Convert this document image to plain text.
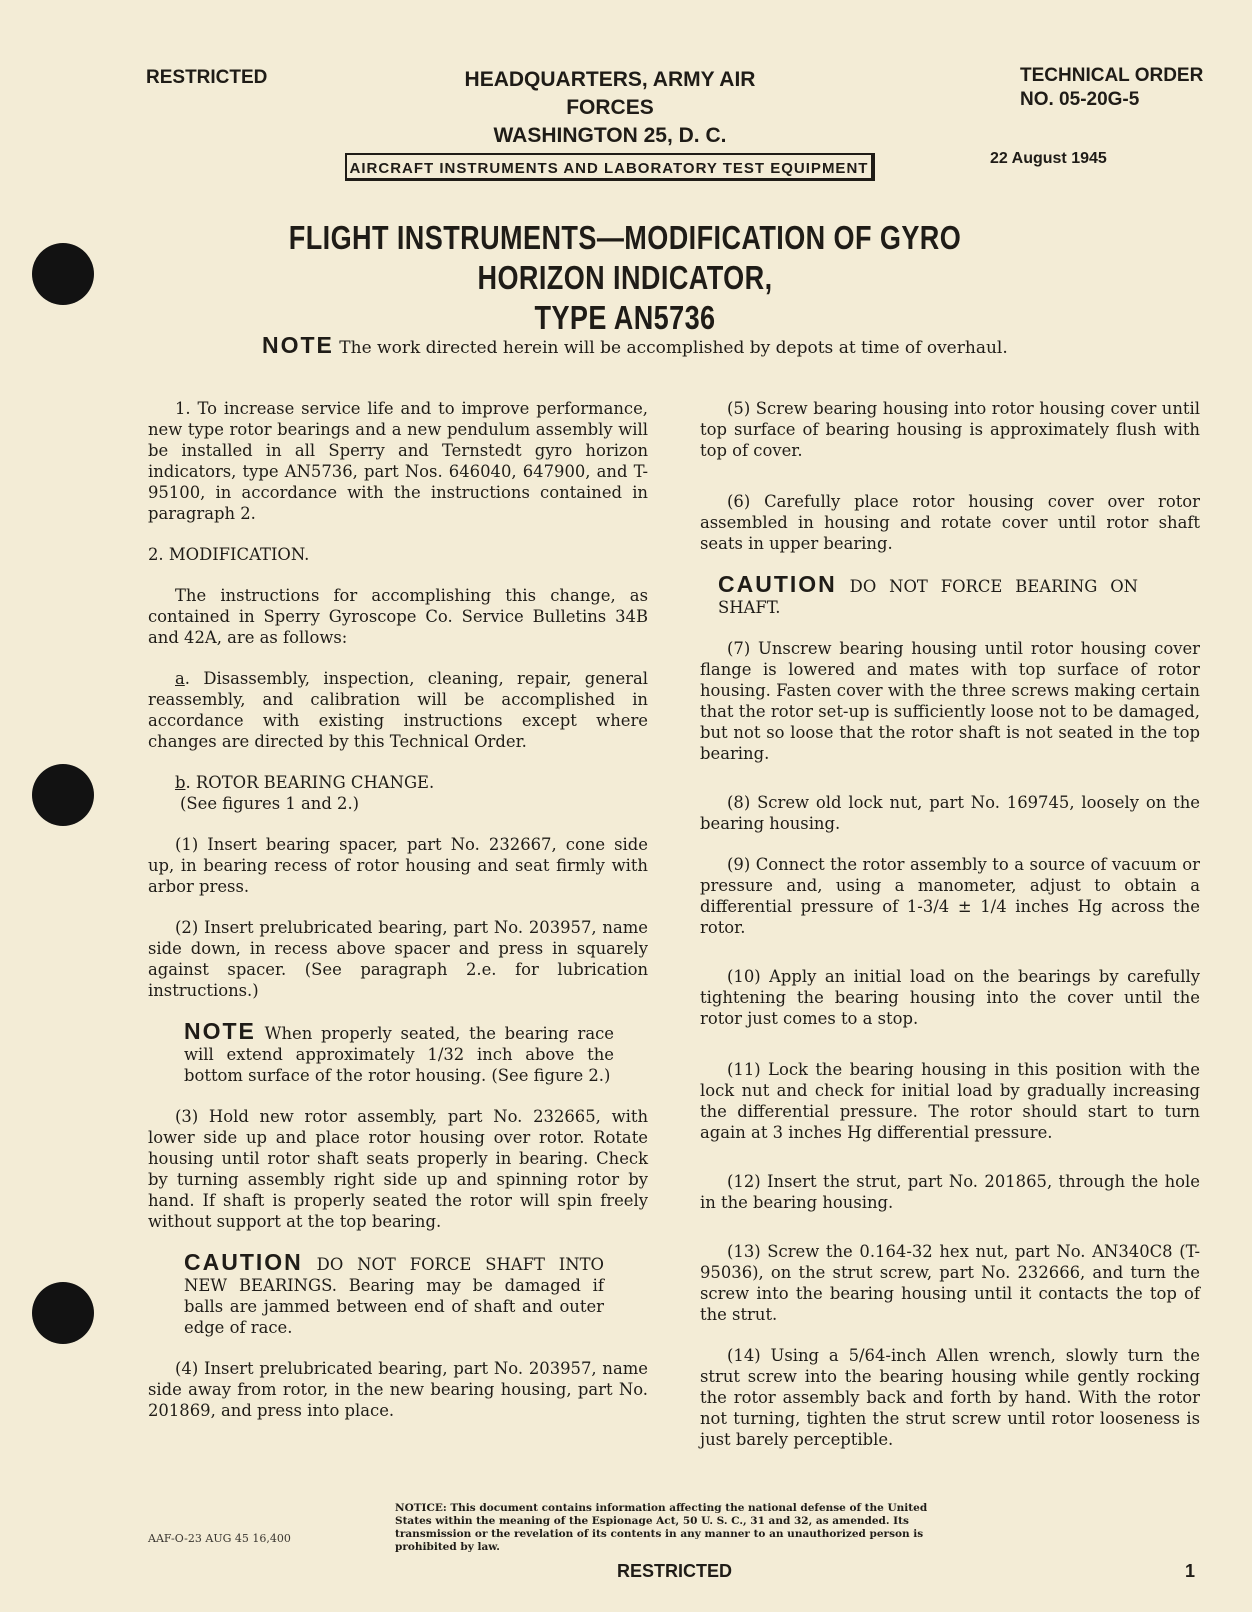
RESTRICTED	HEADQUARTERS, ARMY AIR FORCES
WASHINGTON 25, D. C.
TECHNICAL ORDER
NO. 05-20G-5
AIRCRAFT INSTRUMENTS AND LABORATORY TEST EQUIPMENT
22 August 1945
FLIGHT INSTRUMENTS—MODIFICATION OF GYRO HORIZON INDICATOR,
TYPE AN5736
NOTE The work directed herein will be accomplished by depots at time of overhaul.

1. To increase service life and to improve performance, new type rotor bearings and a new pendulum assembly will be installed in all Sperry and Ternstedt gyro horizon indicators, type AN5736, part Nos. 646040, 647900, and T-95100, in accordance with the instructions contained in paragraph 2.

2. MODIFICATION.

The instructions for accomplishing this change, as contained in Sperry Gyroscope Co. Service Bulletins 34B and 42A, are as follows:

a. Disassembly, inspection, cleaning, repair, general reassembly, and calibration will be accomplished in accordance with existing instructions except where changes are directed by this Technical Order.

b. ROTOR BEARING CHANGE.
(See figures 1 and 2.)

(1) Insert bearing spacer, part No. 232667, cone side up, in bearing recess of rotor housing and seat firmly with arbor press.

(2) Insert prelubricated bearing, part No. 203957, name side down, in recess above spacer and press in squarely against spacer. (See paragraph 2.e. for lubrication instructions.)

NOTE When properly seated, the bearing race will extend approximately 1/32 inch above the bottom surface of the rotor housing. (See figure 2.)

(3) Hold new rotor assembly, part No. 232665, with lower side up and place rotor housing over rotor. Rotate housing until rotor shaft seats properly in bearing. Check by turning assembly right side up and spinning rotor by hand. If shaft is properly seated the rotor will spin freely without support at the top bearing.

CAUTION DO NOT FORCE SHAFT INTO NEW BEARINGS. Bearing may be damaged if balls are jammed between end of shaft and outer edge of race.

(4) Insert prelubricated bearing, part No. 203957, name side away from rotor, in the new bearing housing, part No. 201869, and press into place.

(5) Screw bearing housing into rotor housing cover until top surface of bearing housing is approximately flush with top of cover.

(6) Carefully place rotor housing cover over rotor assembled in housing and rotate cover until rotor shaft seats in upper bearing.

CAUTION DO NOT FORCE BEARING ON SHAFT.

(7) Unscrew bearing housing until rotor housing cover flange is lowered and mates with top surface of rotor housing. Fasten cover with the three screws making certain that the rotor set-up is sufficiently loose not to be damaged, but not so loose that the rotor shaft is not seated in the top bearing.

(8) Screw old lock nut, part No. 169745, loosely on the bearing housing.

(9) Connect the rotor assembly to a source of vacuum or pressure and, using a manometer, adjust to obtain a differential pressure of 1-3/4 ± 1/4 inches Hg across the rotor.

(10) Apply an initial load on the bearings by carefully tightening the bearing housing into the cover until the rotor just comes to a stop.

(11) Lock the bearing housing in this position with the lock nut and check for initial load by gradually increasing the differential pressure. The rotor should start to turn again at 3 inches Hg differential pressure.

(12) Insert the strut, part No. 201865, through the hole in the bearing housing.

(13) Screw the 0.164-32 hex nut, part No. AN340C8 (T-95036), on the strut screw, part No. 232666, and turn the screw into the bearing housing until it contacts the top of the strut.

(14) Using a 5/64-inch Allen wrench, slowly turn the strut screw into the bearing housing while gently rocking the rotor assembly back and forth by hand. With the rotor not turning, tighten the strut screw until rotor looseness is just barely perceptible.

NOTICE: This document contains information affecting the national defense of the United States within the meaning of the Espionage Act, 50 U. S. C., 31 and 32, as amended. Its transmission or the revelation of its contents in any manner to an unauthorized person is prohibited by law.
AAF-O-23 AUG 45 16,400
RESTRICTED	1
